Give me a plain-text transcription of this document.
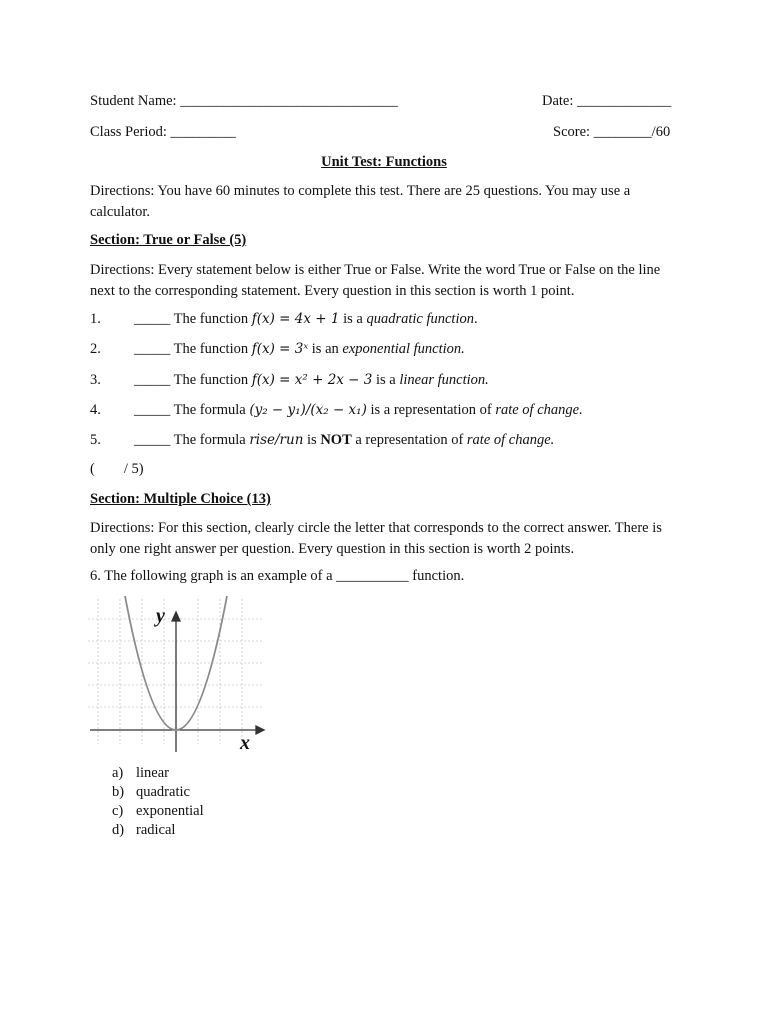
Student Name: ______________________________	Date: _____________
Class Period: _________	Score: ________/60
Unit Test: Functions
Directions: You have 60 minutes to complete this test. There are 25 questions. You may use a calculator.
Section: True or False (5)
Directions: Every statement below is either True or False. Write the word True or False on the line next to the corresponding statement. Every question in this section is worth 1 point.
1. _____ The function f(x) = 4x + 1 is a quadratic function.
2. _____ The function f(x) = 3ˣ is an exponential function.
3. _____ The function f(x) = x² + 2x − 3 is a linear function.
4. _____ The formula (y₂ − y₁)/(x₂ − x₁) is a representation of rate of change.
5. _____ The formula rise/run is NOT a representation of rate of change.
(        / 5)
Section: Multiple Choice (13)
Directions: For this section, clearly circle the letter that corresponds to the correct answer. There is only one right answer per question. Every question in this section is worth 2 points.
6. The following graph is an example of a __________ function.
y
x
a) linear
b) quadratic
c) exponential
d) radical
